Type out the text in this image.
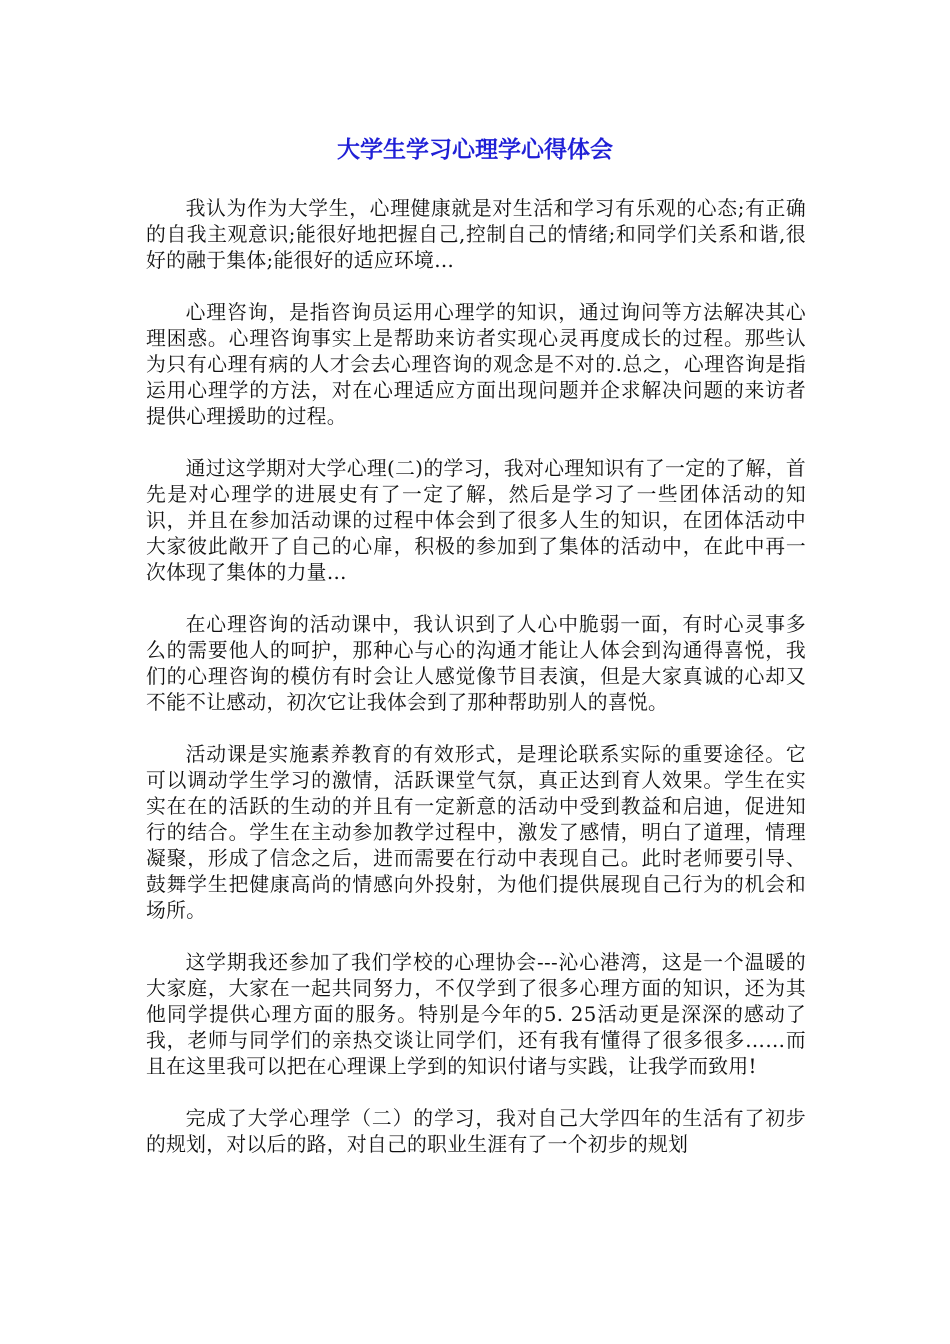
大学生学习心理学心得体会

我认为作为大学生，心理健康就是对生活和学习有乐观的心态;有正确的自我主观意识;能很好地把握自己,控制自己的情绪;和同学们关系和谐,很好的融于集体;能很好的适应环境…

心理咨询，是指咨询员运用心理学的知识，通过询问等方法解决其心理困惑。心理咨询事实上是帮助来访者实现心灵再度成长的过程。那些认为只有心理有病的人才会去心理咨询的观念是不对的.总之，心理咨询是指运用心理学的方法，对在心理适应方面出现问题并企求解决问题的来访者提供心理援助的过程。

通过这学期对大学心理(二)的学习，我对心理知识有了一定的了解，首先是对心理学的进展史有了一定了解，然后是学习了一些团体活动的知识，并且在参加活动课的过程中体会到了很多人生的知识，在团体活动中大家彼此敞开了自己的心扉，积极的参加到了集体的活动中，在此中再一次体现了集体的力量…

在心理咨询的活动课中，我认识到了人心中脆弱一面，有时心灵事多么的需要他人的呵护，那种心与心的沟通才能让人体会到沟通得喜悦，我们的心理咨询的模仿有时会让人感觉像节目表演，但是大家真诚的心却又不能不让感动，初次它让我体会到了那种帮助别人的喜悦。

活动课是实施素养教育的有效形式，是理论联系实际的重要途径。它可以调动学生学习的激情，活跃课堂气氛，真正达到育人效果。学生在实实在在的活跃的生动的并且有一定新意的活动中受到教益和启迪，促进知行的结合。学生在主动参加教学过程中，激发了感情，明白了道理，情理凝聚，形成了信念之后，进而需要在行动中表现自己。此时老师要引导、鼓舞学生把健康高尚的情感向外投射，为他们提供展现自己行为的机会和场所。

这学期我还参加了我们学校的心理协会---沁心港湾，这是一个温暖的大家庭，大家在一起共同努力，不仅学到了很多心理方面的知识，还为其他同学提供心理方面的服务。特别是今年的5. 25活动更是深深的感动了我，老师与同学们的亲热交谈让同学们，还有我有懂得了很多很多……而且在这里我可以把在心理课上学到的知识付诸与实践，让我学而致用!

完成了大学心理学（二）的学习，我对自己大学四年的生活有了初步的规划，对以后的路，对自己的职业生涯有了一个初步的规划
